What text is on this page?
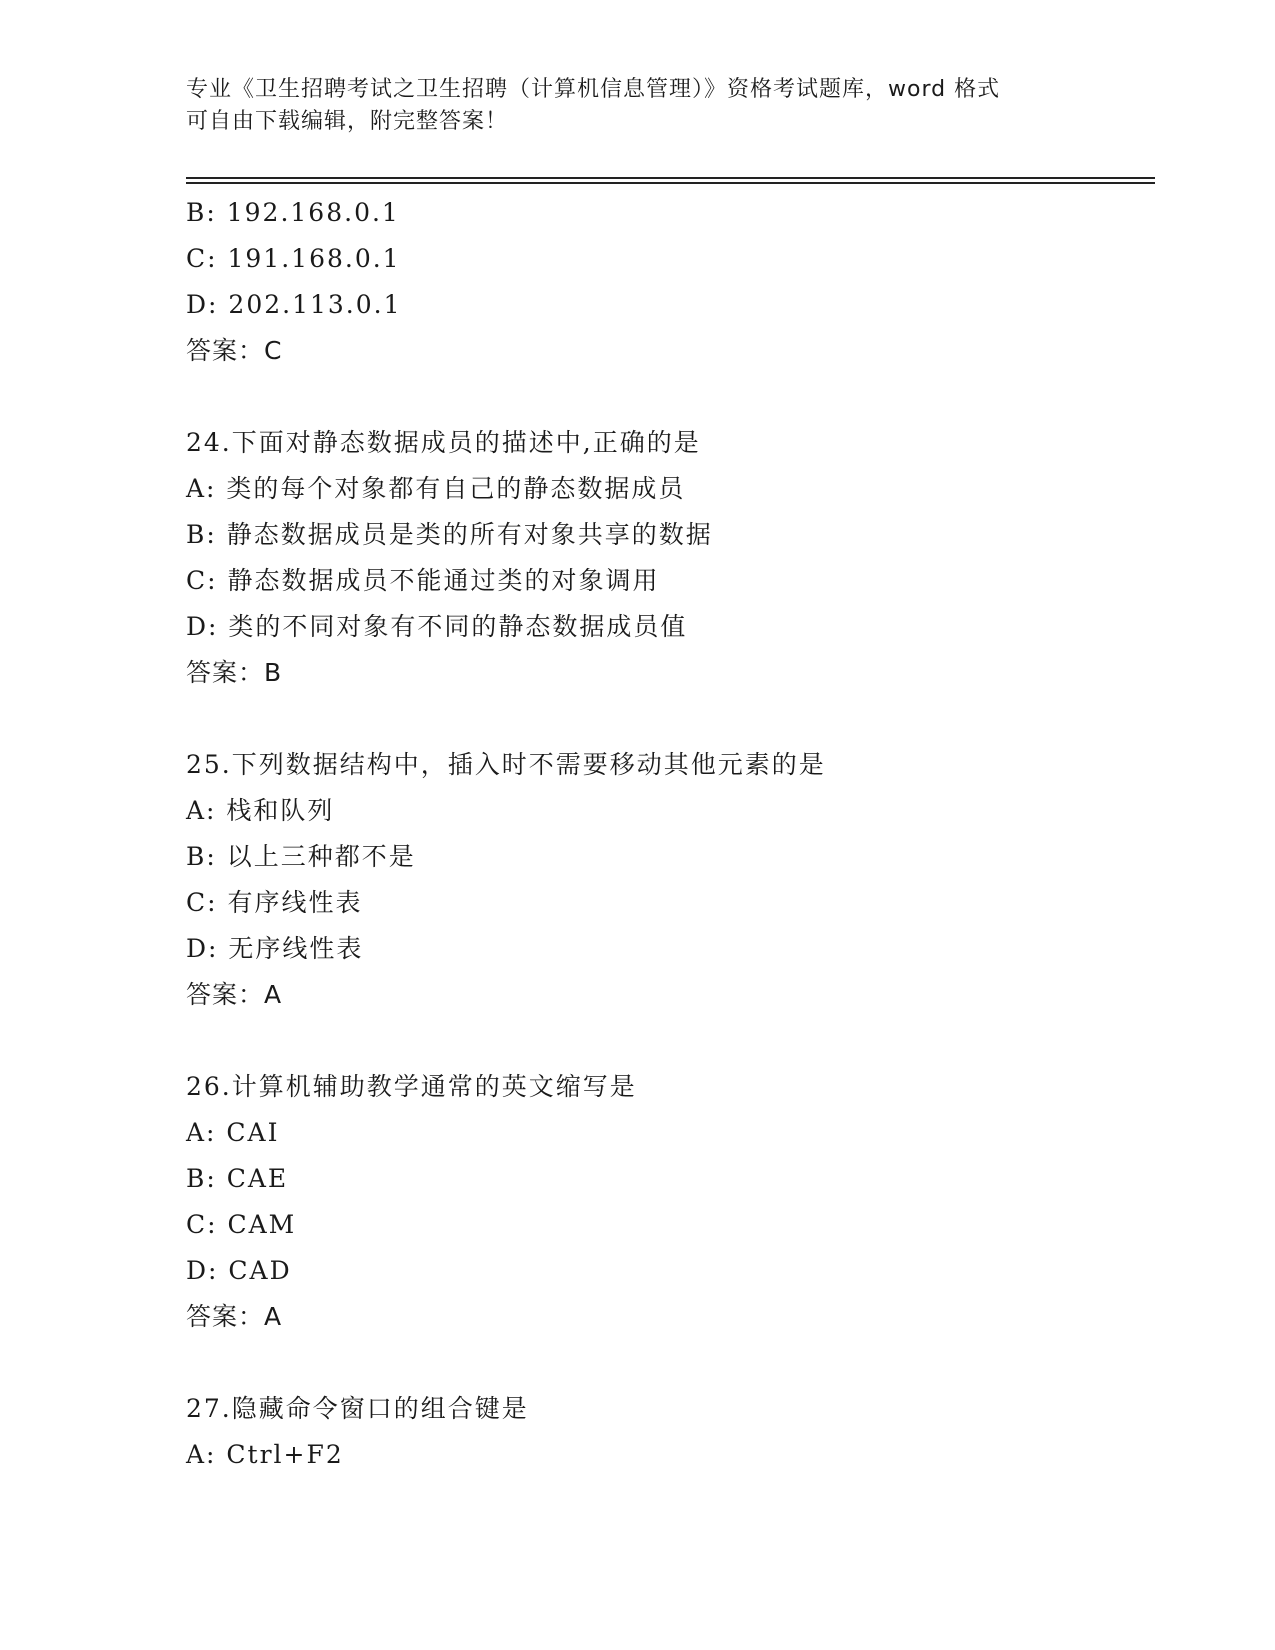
专业《卫生招聘考试之卫生招聘（计算机信息管理）》资格考试题库，word 格式
可自由下载编辑，附完整答案！
B: 192.168.0.1
C: 191.168.0.1
D: 202.113.0.1
答案：C
24.下面对静态数据成员的描述中,正确的是
A: 类的每个对象都有自己的静态数据成员
B: 静态数据成员是类的所有对象共享的数据
C: 静态数据成员不能通过类的对象调用
D: 类的不同对象有不同的静态数据成员值
答案：B
25.下列数据结构中，插入时不需要移动其他元素的是
A: 栈和队列
B: 以上三种都不是
C: 有序线性表
D: 无序线性表
答案：A
26.计算机辅助教学通常的英文缩写是
A: CAI
B: CAE
C: CAM
D: CAD
答案：A
27.隐藏命令窗口的组合键是
A: Ctrl+F2
